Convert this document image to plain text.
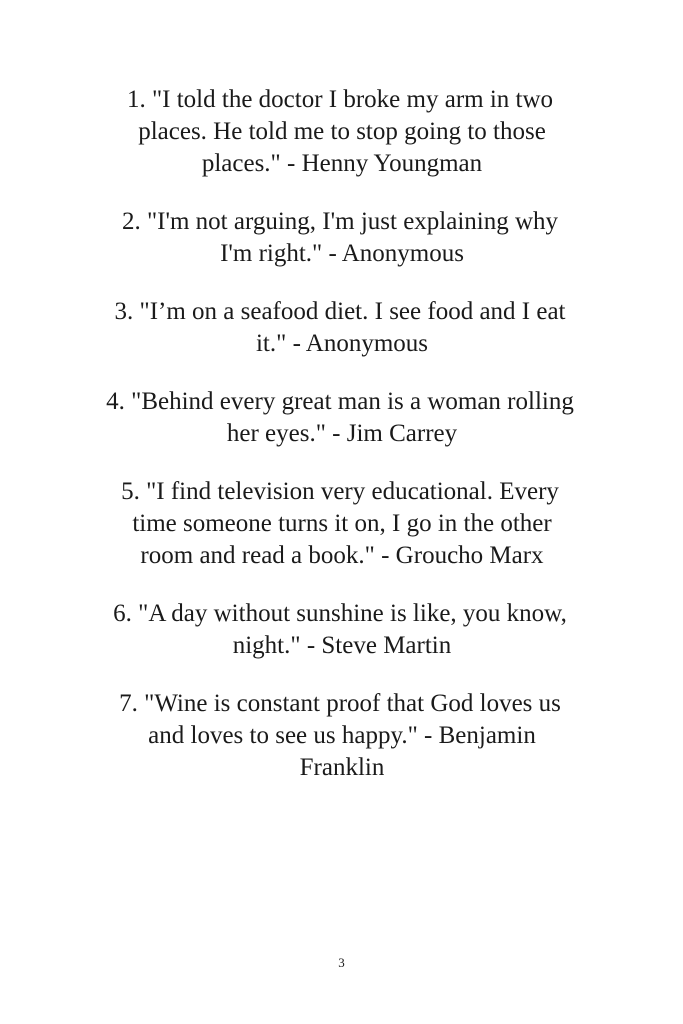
1. "I told the doctor I broke my arm in two places. He told me to stop going to those places." - Henny Youngman
2. "I'm not arguing, I'm just explaining why I'm right." - Anonymous
3. "I’m on a seafood diet. I see food and I eat it." - Anonymous
4. "Behind every great man is a woman rolling her eyes." - Jim Carrey
5. "I find television very educational. Every time someone turns it on, I go in the other room and read a book." - Groucho Marx
6. "A day without sunshine is like, you know, night." - Steve Martin
7. "Wine is constant proof that God loves us and loves to see us happy." - Benjamin Franklin
3
